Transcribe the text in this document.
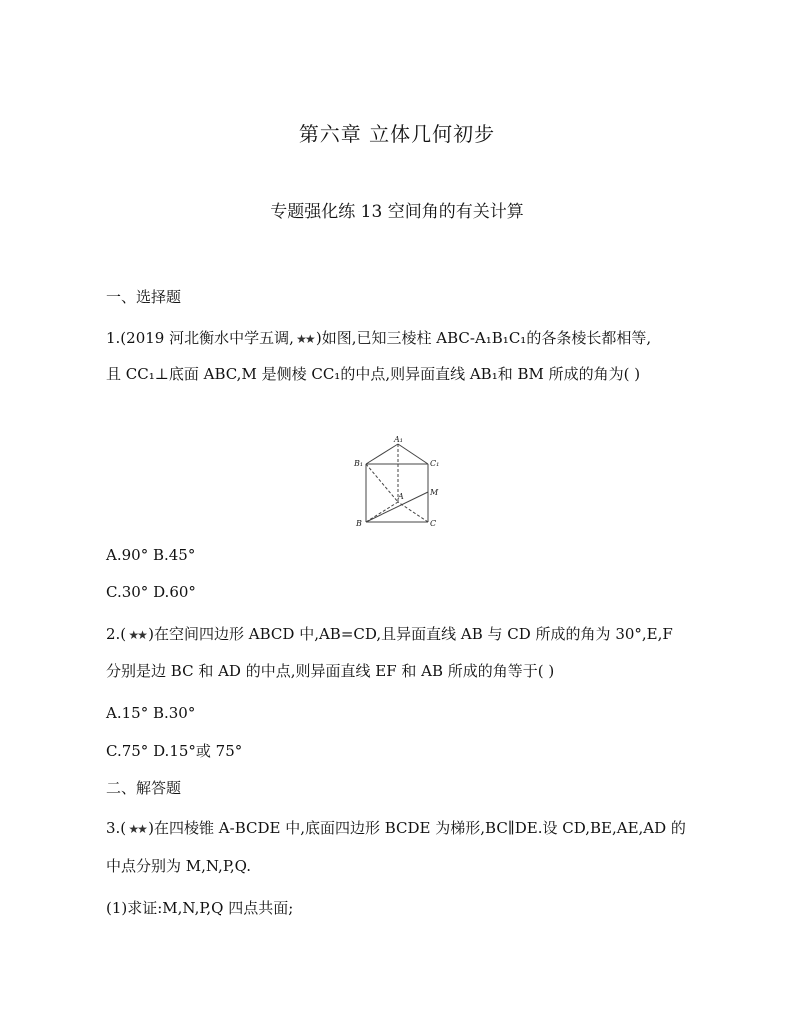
第六章 立体几何初步
专题强化练 13 空间角的有关计算
一、选择题
1.(2019 河北衡水中学五调, ★★ )如图,已知三棱柱 ABC-A₁B₁C₁的各条棱长都相等,
且 CC₁⊥底面 ABC,M 是侧棱 CC₁的中点,则异面直线 AB₁和 BM 所成的角为( )
A₁
B₁	C₁
A	M
B	C
A.90° B.45°
C.30° D.60°
2.( ★★ )在空间四边形 ABCD 中,AB=CD,且异面直线 AB 与 CD 所成的角为 30°,E,F
分别是边 BC 和 AD 的中点,则异面直线 EF 和 AB 所成的角等于( )
A.15° B.30°
C.75° D.15°或 75°
二、解答题
3.( ★★ )在四棱锥 A-BCDE 中,底面四边形 BCDE 为梯形,BC∥DE.设 CD,BE,AE,AD 的
中点分别为 M,N,P,Q.
(1)求证:M,N,P,Q 四点共面;
